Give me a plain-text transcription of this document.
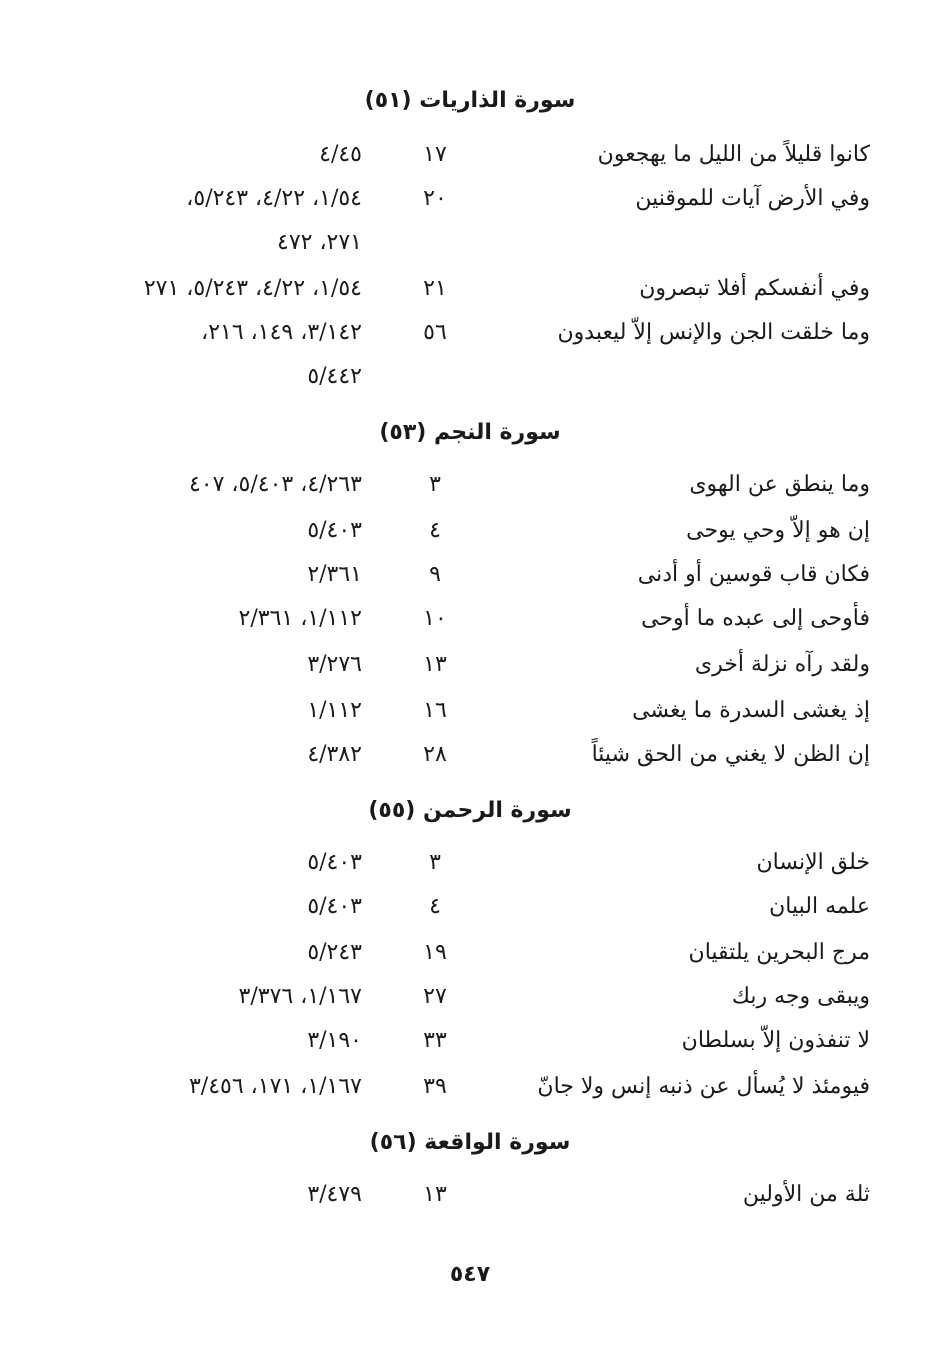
سورة الذاريات (٥١)
كانوا قليلاً من الليل ما يهجعون
١٧
٤/٤٥
وفي الأرض آيات للموقنين
٢٠
١/٥٤، ٤/٢٢، ٥/٢٤٣،
٢٧١، ٤٧٢
وفي أنفسكم أفلا تبصرون
٢١
١/٥٤، ٤/٢٢، ٥/٢٤٣، ٢٧١
وما خلقت الجن والإنس إلاّ ليعبدون
٥٦
٣/١٤٢، ١٤٩، ٢١٦،
٥/٤٤٢
سورة النجم (٥٣)
وما ينطق عن الهوى
٣
٤/٢٦٣، ٥/٤٠٣، ٤٠٧
إن هو إلاّ وحي يوحى
٤
٥/٤٠٣
فكان قاب قوسين أو أدنى
٩
٢/٣٦١
فأوحى إلى عبده ما أوحى
١٠
١/١١٢، ٢/٣٦١
ولقد رآه نزلة أخرى
١٣
٣/٢٧٦
إذ يغشى السدرة ما يغشى
١٦
١/١١٢
إن الظن لا يغني من الحق شيئاً
٢٨
٤/٣٨٢
سورة الرحمن (٥٥)
خلق الإنسان
٣
٥/٤٠٣
علمه البيان
٤
٥/٤٠٣
مرج البحرين يلتقيان
١٩
٥/٢٤٣
ويبقى وجه ربك
٢٧
١/١٦٧، ٣/٣٧٦
لا تنفذون إلاّ بسلطان
٣٣
٣/١٩٠
فيومئذ لا يُسأل عن ذنبه إنس ولا جانّ
٣٩
١/١٦٧، ١٧١، ٣/٤٥٦
سورة الواقعة (٥٦)
ثلة من الأولين
١٣
٣/٤٧٩
٥٤٧
